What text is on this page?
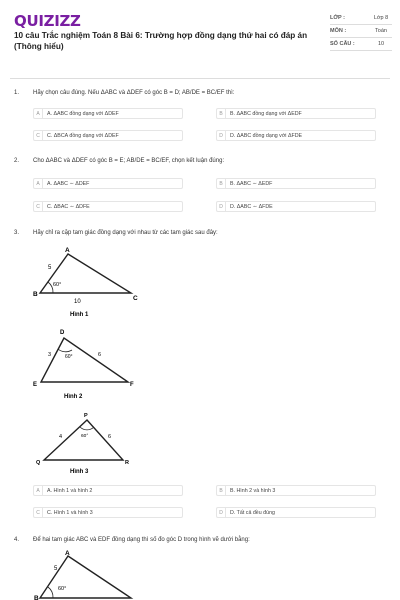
QUIZIZZ
10 câu Trắc nghiệm Toán 8 Bài 6: Trường hợp đồng dạng thứ hai có đáp án (Thông hiểu)
LỚP :	Lớp 8
MÔN :	Toán
SỐ CÂU :	10
1. Hãy chọn câu đúng. Nếu ΔABC và ΔDEF có góc B = D; AB/DE = BC/EF thì:
A	A. ΔABC đồng dạng với ΔDEF	B	B. ΔABC đồng dạng với ΔEDF
C	C. ΔBCA đồng dạng với ΔDEF	D	D. ΔABC đồng dạng với ΔFDE
2. Cho ΔABC và ΔDEF có góc B = E; AB/DE = BC/EF, chọn kết luận đúng:
A	A. ΔABC ∼ ΔDEF	B	B. ΔABC ∼ ΔEDF
C	C. ΔBAC ∼ ΔDFE	D	D. ΔABC ∼ ΔFDE
3. Hãy chỉ ra cặp tam giác đồng dạng với nhau từ các tam giác sau đây:
A
B
C
5
60°
10
Hình 1
D
E	F
3	60°	6
Hình 2
P
Q	R
4	60°	6
Hình 3
A	A. Hình 1 và hình 2	B	B. Hình 2 và hình 3
C	C. Hình 1 và hình 3	D	D. Tất cả đều đúng
4. Để hai tam giác ABC và EDF đồng dạng thì số đo góc D trong hình vẽ dưới bằng:
A
5
60°
B
